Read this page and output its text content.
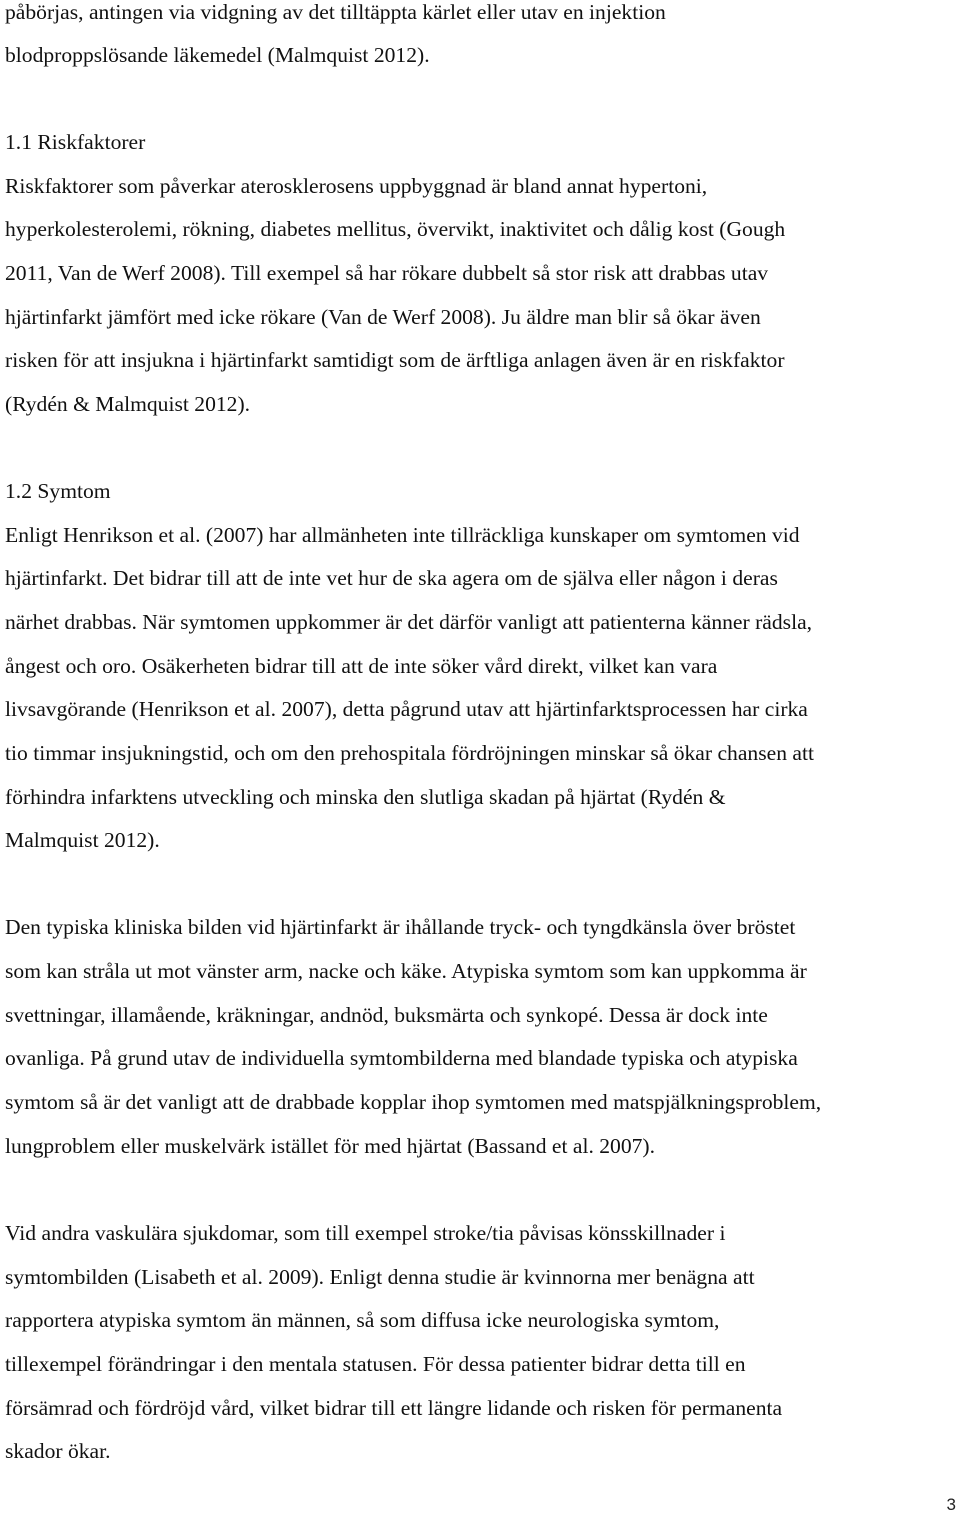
påbörjas, antingen via vidgning av det tilltäppta kärlet eller utav en injektion
blodproppslösande läkemedel (Malmquist 2012).
1.1 Riskfaktorer
Riskfaktorer som påverkar aterosklerosens uppbyggnad är bland annat hypertoni,
hyperkolesterolemi, rökning, diabetes mellitus, övervikt, inaktivitet och dålig kost (Gough
2011, Van de Werf 2008). Till exempel så har rökare dubbelt så stor risk att drabbas utav
hjärtinfarkt jämfört med icke rökare (Van de Werf 2008). Ju äldre man blir så ökar även
risken för att insjukna i hjärtinfarkt samtidigt som de ärftliga anlagen även är en riskfaktor
(Rydén & Malmquist 2012).
1.2 Symtom
Enligt Henrikson et al. (2007) har allmänheten inte tillräckliga kunskaper om symtomen vid
hjärtinfarkt. Det bidrar till att de inte vet hur de ska agera om de själva eller någon i deras
närhet drabbas. När symtomen uppkommer är det därför vanligt att patienterna känner rädsla,
ångest och oro. Osäkerheten bidrar till att de inte söker vård direkt, vilket kan vara
livsavgörande (Henrikson et al. 2007), detta pågrund utav att hjärtinfarktsprocessen har cirka
tio timmar insjukningstid, och om den prehospitala fördröjningen minskar så ökar chansen att
förhindra infarktens utveckling och minska den slutliga skadan på hjärtat (Rydén &
Malmquist 2012).
Den typiska kliniska bilden vid hjärtinfarkt är ihållande tryck- och tyngdkänsla över bröstet
som kan stråla ut mot vänster arm, nacke och käke. Atypiska symtom som kan uppkomma är
svettningar, illamående, kräkningar, andnöd, buksmärta och synkopé. Dessa är dock inte
ovanliga. På grund utav de individuella symtombilderna med blandade typiska och atypiska
symtom så är det vanligt att de drabbade kopplar ihop symtomen med matspjälkningsproblem,
lungproblem eller muskelvärk istället för med hjärtat (Bassand et al. 2007).
Vid andra vaskulära sjukdomar, som till exempel stroke/tia påvisas könsskillnader i
symtombilden (Lisabeth et al. 2009). Enligt denna studie är kvinnorna mer benägna att
rapportera atypiska symtom än männen, så som diffusa icke neurologiska symtom,
tillexempel förändringar i den mentala statusen. För dessa patienter bidrar detta till en
försämrad och fördröjd vård, vilket bidrar till ett längre lidande och risken för permanenta
skador ökar.
3
